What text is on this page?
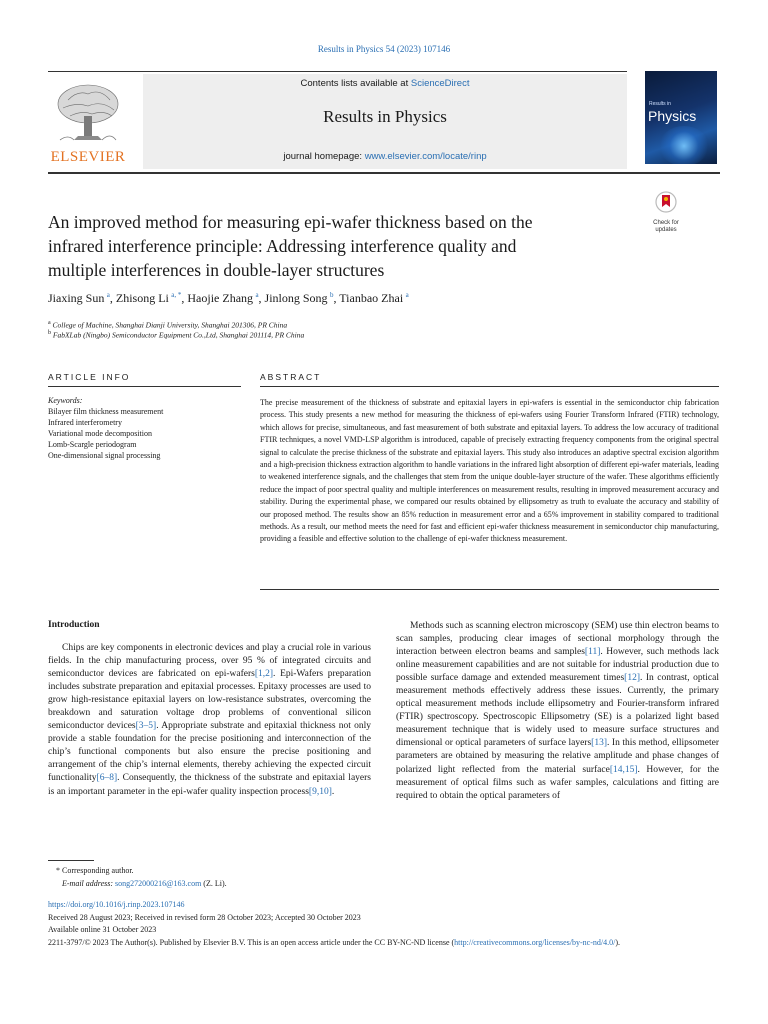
Results in Physics 54 (2023) 107146
ELSEVIER
Contents lists available at ScienceDirect
Results in Physics
journal homepage: www.elsevier.com/locate/rinp
Results in
Physics
Check for
updates
An improved method for measuring epi-wafer thickness based on the
infrared interference principle: Addressing interference quality and
multiple interferences in double-layer structures
Jiaxing Sun  $^a$, Zhisong Li  $^{a, *}$, Haojie Zhang  $^a$, Jinlong Song  $^b$, Tianbao Zhai  $^a$
$^a$ College of Machine, Shanghai Dianji University, Shanghai 201306, PR China
$^b$ FabXLab (Ningbo) Semiconductor Equipment Co.,Ltd, Shanghai 201114, PR China
ARTICLE INFO	ABSTRACT
Keywords:
Bilayer film thickness measurement
Infrared interferometry
Variational mode decomposition
Lomb-Scargle periodogram
One-dimensional signal processing

The precise measurement of the thickness of substrate and epitaxial layers in epi-wafers is essential in the semiconductor chip fabrication process. This study presents a new method for measuring the thickness of epi-wafers using Fourier Transform Infrared (FTIR) technology, which allows for precise, simultaneous, and fast measurement of both substrate and epitaxial layers. To address the low accuracy of traditional FTIR techniques, a novel VMD-LSP algorithm is introduced, capable of precisely extracting frequency components from the original spectral signal to calculate the precise thickness of the substrate and epitaxial layers. This study also introduces an adaptive spectral excision algorithm and a high-precision thickness extraction algorithm to handle variations in the infrared light absorption of different epi-wafer materials, leading to weakened interference signals, and the challenges that stem from the unique double-layer structure of the wafer. These algorithms efficiently reduce the impact of poor spectral quality and multiple interferences on measurement results, resulting in improved measurement accuracy and stability. During the experimental phase, we compared our results obtained by ellipsometry as truth to evaluate the accuracy and stability of our proposed method. The results show an 85% reduction in measurement error and a 65% improvement in stability compared to traditional methods. As a result, our method meets the need for fast and efficient epi-wafer thickness measurement in semiconductor chip manufacturing, providing a feasible and effective solution to the challenge of epi-wafer thickness measurement.

Introduction

Chips are key components in electronic devices and play a crucial role in various fields. In the chip manufacturing process, over 95 % of integrated circuits and semiconductor devices are fabricated on epi-wafers[1,2]. Epi-Wafers preparation includes substrate preparation and epitaxial processes. Epitaxy processes are used to grow high-resistance epitaxial layers on low-resistance substrates, overcoming the breakdown and saturation voltage drop problems of conventional silicon semiconductor devices[3–5]. Appropriate substrate and epitaxial thickness not only provide a stable foundation for the precise positioning and interconnection of the chip’s functional components but also ensure the precise positioning and arrangement of the chip’s internal elements, thereby achieving the expected circuit functionality[6–8]. Consequently, the thickness of the substrate and epitaxial layers is an important parameter in the epi-wafer quality inspection process[9,10].

Methods such as scanning electron microscopy (SEM) use thin electron beams to scan samples, producing clear images of sectional morphology through the interaction between electron beams and samples[11]. However, such methods lack online measurement capabilities and are not suitable for industrial production due to possible surface damage and extended measurement times[12]. In contrast, optical measurement methods effectively address these issues. Currently, the primary optical measurement methods include ellipsometry and Fourier-transform infrared (FTIR) spectroscopy. Spectroscopic Ellipsometry (SE) is a polarized light based measurement technique that is widely used to measure surface structures and dimensional or optical parameters of surface layers[13]. In this method, ellipsometer parameters are obtained by measuring the relative amplitude and phase changes of polarized light reflected from the material surface[14,15]. However, for the measurement of optical films such as wafer samples, calculations and fitting are required to obtain the optical parameters of

* Corresponding author.
E-mail address: song272000216@163.com (Z. Li).
https://doi.org/10.1016/j.rinp.2023.107146
Received 28 August 2023; Received in revised form 28 October 2023; Accepted 30 October 2023
Available online 31 October 2023
2211-3797/© 2023 The Author(s). Published by Elsevier B.V. This is an open access article under the CC BY-NC-ND license (http://creativecommons.org/licenses/by-nc-nd/4.0/).
